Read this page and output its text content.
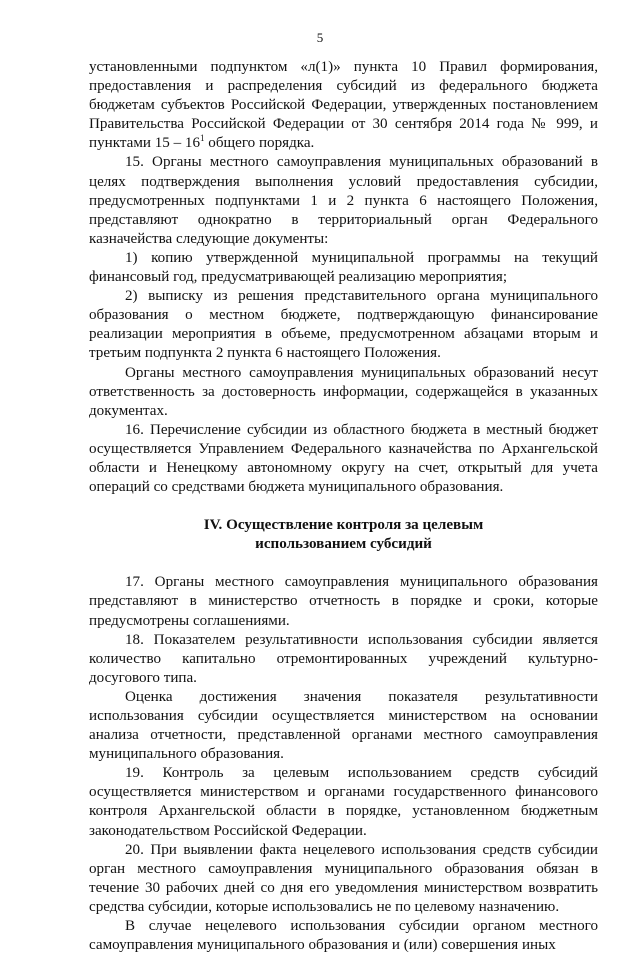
5

установленными подпунктом «л(1)» пункта 10 Правил формирования, предоставления и распределения субсидий из федерального бюджета бюджетам субъектов Российской Федерации, утвержденных постановлением Правительства Российской Федерации от 30 сентября 2014 года № 999, и пунктами $15 - 16^1$ общего порядка.

15. Органы местного самоуправления муниципальных образований в целях подтверждения выполнения условий предоставления субсидии, предусмотренных подпунктами 1 и 2 пункта 6 настоящего Положения, представляют однократно в территориальный орган Федерального казначейства следующие документы:

1) копию утвержденной муниципальной программы на текущий финансовый год, предусматривающей реализацию мероприятия;

2) выписку из решения представительного органа муниципального образования о местном бюджете, подтверждающую финансирование реализации мероприятия в объеме, предусмотренном абзацами вторым и третьим подпункта 2 пункта 6 настоящего Положения.

Органы местного самоуправления муниципальных образований несут ответственность за достоверность информации, содержащейся в указанных документах.

16. Перечисление субсидии из областного бюджета в местный бюджет осуществляется Управлением Федерального казначейства по Архангельской области и Ненецкому автономному округу на счет, открытый для учета операций со средствами бюджета муниципального образования.

IV. Осуществление контроля за целевым

использованием субсидий

17. Органы местного самоуправления муниципального образования представляют в министерство отчетность в порядке и сроки, которые предусмотрены соглашениями.

18. Показателем результативности использования субсидии является количество капитально отремонтированных учреждений культурно-досугового типа.

Оценка достижения значения показателя результативности использования субсидии осуществляется министерством на основании анализа отчетности, представленной органами местного самоуправления муниципального образования.

19. Контроль за целевым использованием средств субсидий осуществляется министерством и органами государственного финансового контроля Архангельской области в порядке, установленном бюджетным законодательством Российской Федерации.

20. При выявлении факта нецелевого использования средств субсидии орган местного самоуправления муниципального образования обязан в течение 30 рабочих дней со дня его уведомления министерством возвратить средства субсидии, которые использовались не по целевому назначению.

В случае нецелевого использования субсидии органом местного самоуправления муниципального образования и (или) совершения иных
